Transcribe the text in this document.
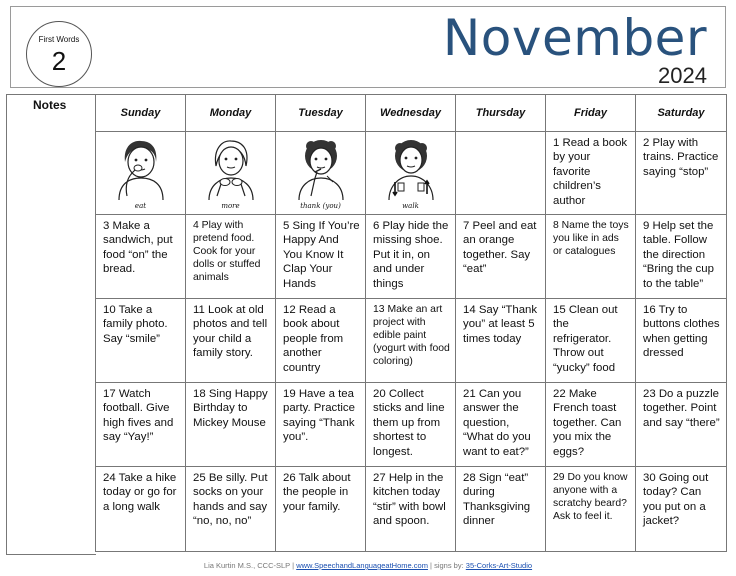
First Words
2	November
2024
Notes
Sunday	Monday	Tuesday	Wednesday	Thursday	Friday	Saturday

eat	more	thank (you)	walk		1 Read a book by your favorite children’s author	2 Play with trains. Practice saying “stop”

3 Make a sandwich, put food “on” the bread.	4 Play with pretend food. Cook for your dolls or stuffed animals	5 Sing If You’re Happy And You Know It Clap Your Hands	6 Play hide the missing shoe. Put it in, on and under things	7 Peel and eat an orange together. Say “eat”	8 Name the toys you like in ads or catalogues	9 Help set the table. Follow the direction “Bring the cup to the table”

10 Take a family photo. Say “smile”	11 Look at old photos and tell your child a family story.	12 Read a book about people from another country	13 Make an art project with edible paint (yogurt with food coloring)	14 Say “Thank you” at least 5 times today	15 Clean out the refrigerator. Throw out “yucky” food	16 Try to buttons clothes when getting dressed

17 Watch football. Give high fives and say “Yay!”	18 Sing Happy Birthday to Mickey Mouse	19 Have a tea party. Practice saying “Thank you”.	20 Collect sticks and line them up from shortest to longest.	21 Can you answer the question, “What do you want to eat?”	22 Make French toast together. Can you mix the eggs?	23 Do a puzzle together. Point and say “there”

24 Take a hike today or go for a long walk	25 Be silly. Put socks on your hands and say “no, no, no”	26 Talk about the people in your family.	27 Help in the kitchen today “stir” with bowl and spoon.	28 Sign “eat” during Thanksgiving dinner	29 Do you know anyone with a scratchy beard? Ask to feel it.	30 Going out today? Can you put on a jacket?
Lia Kurtin M.S., CCC-SLP | www.SpeechandLanguageatHome.com | signs by: 35-Corks-Art-Studio
